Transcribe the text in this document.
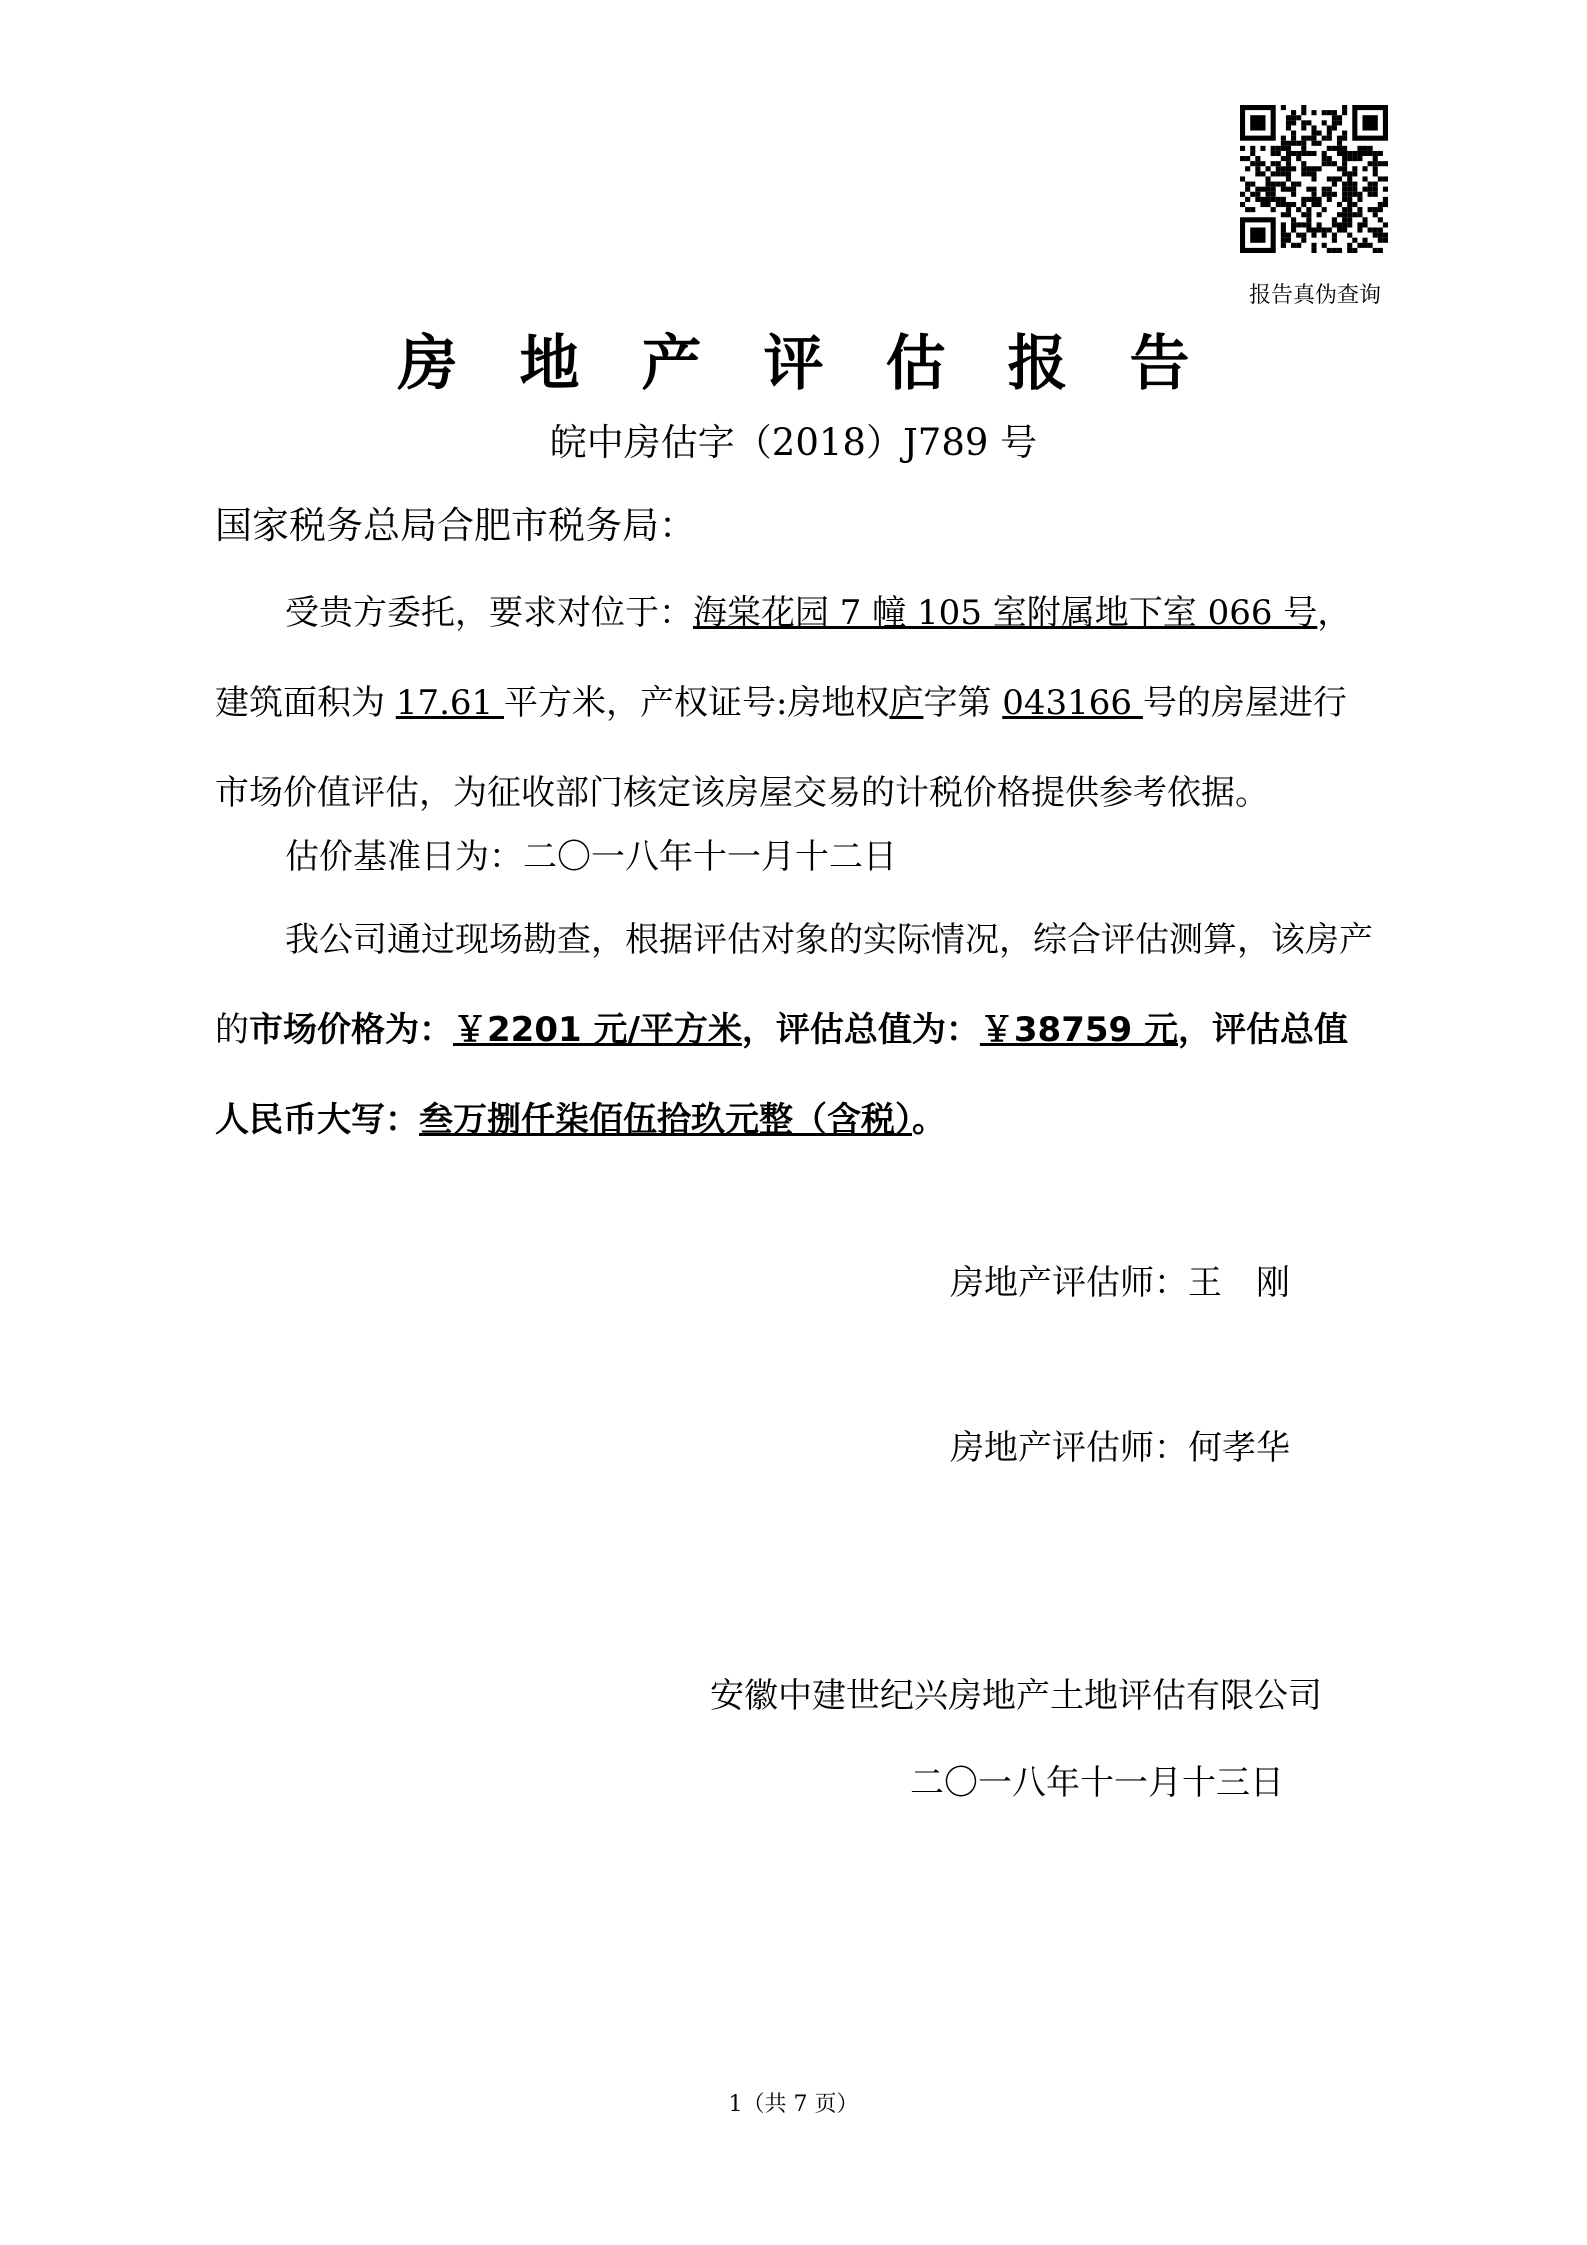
报告真伪查询
房地产评估报告
皖中房估字（2018）J789 号
国家税务总局合肥市税务局：
受贵方委托，要求对位于：海棠花园 7 幢 105 室附属地下室 066 号，建筑面积为 17.61 平方米，产权证号:房地权庐字第 043166 号的房屋进行市场价值评估，为征收部门核定该房屋交易的计税价格提供参考依据。
估价基准日为：二〇一八年十一月十二日
我公司通过现场勘查，根据评估对象的实际情况，综合评估测算，该房产的市场价格为：￥2201 元/平方米，评估总值为：￥38759 元，评估总值人民币大写：叁万捌仟柒佰伍拾玖元整（含税）。
房地产评估师：王　刚
房地产评估师：何孝华
安徽中建世纪兴房地产土地评估有限公司
二〇一八年十一月十三日
1（共 7 页）
